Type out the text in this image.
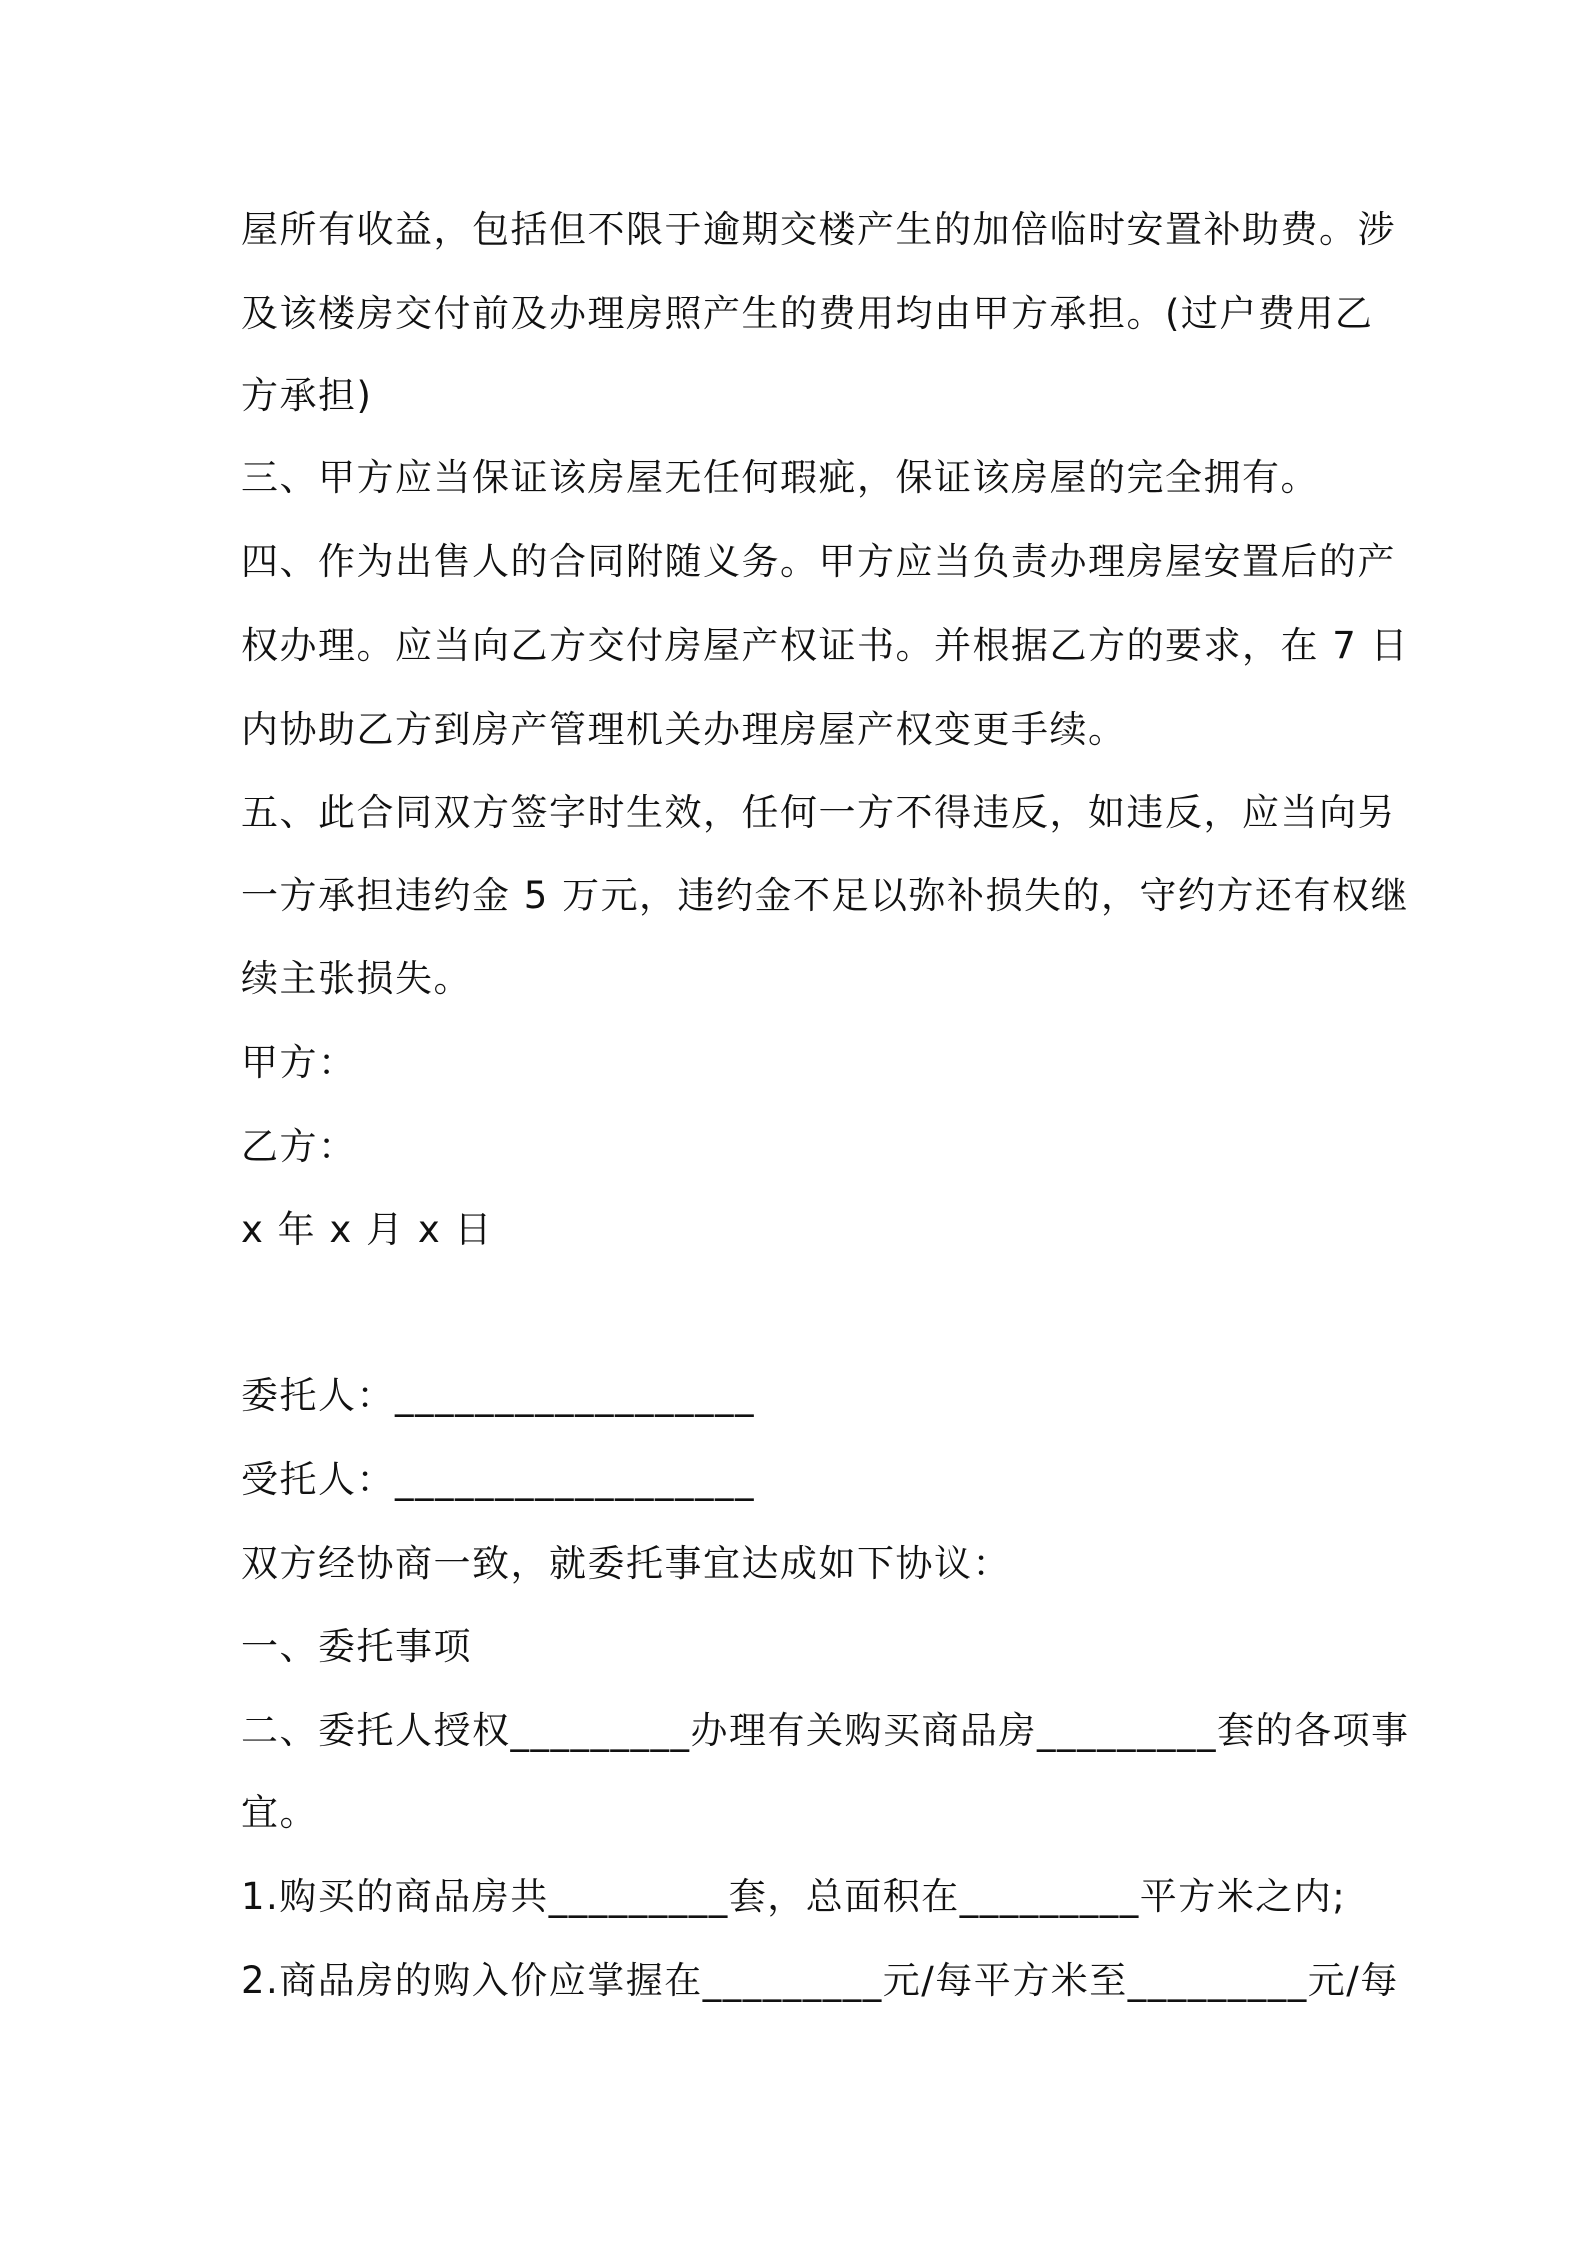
屋所有收益，包括但不限于逾期交楼产生的加倍临时安置补助费。涉

及该楼房交付前及办理房照产生的费用均由甲方承担。(过户费用乙

方承担)

三、甲方应当保证该房屋无任何瑕疵，保证该房屋的完全拥有。

四、作为出售人的合同附随义务。甲方应当负责办理房屋安置后的产

权办理。应当向乙方交付房屋产权证书。并根据乙方的要求，在 7 日

内协助乙方到房产管理机关办理房屋产权变更手续。

五、此合同双方签字时生效，任何一方不得违反，如违反，应当向另

一方承担违约金 5 万元，违约金不足以弥补损失的，守约方还有权继

续主张损失。

甲方：

乙方：

x 年 x 月 x 日

委托人：__________________

受托人：__________________

双方经协商一致，就委托事宜达成如下协议：

一、委托事项

二、委托人授权_________办理有关购买商品房_________套的各项事

宜。

1.购买的商品房共_________套，总面积在_________平方米之内;

2.商品房的购入价应掌握在_________元/每平方米至_________元/每
